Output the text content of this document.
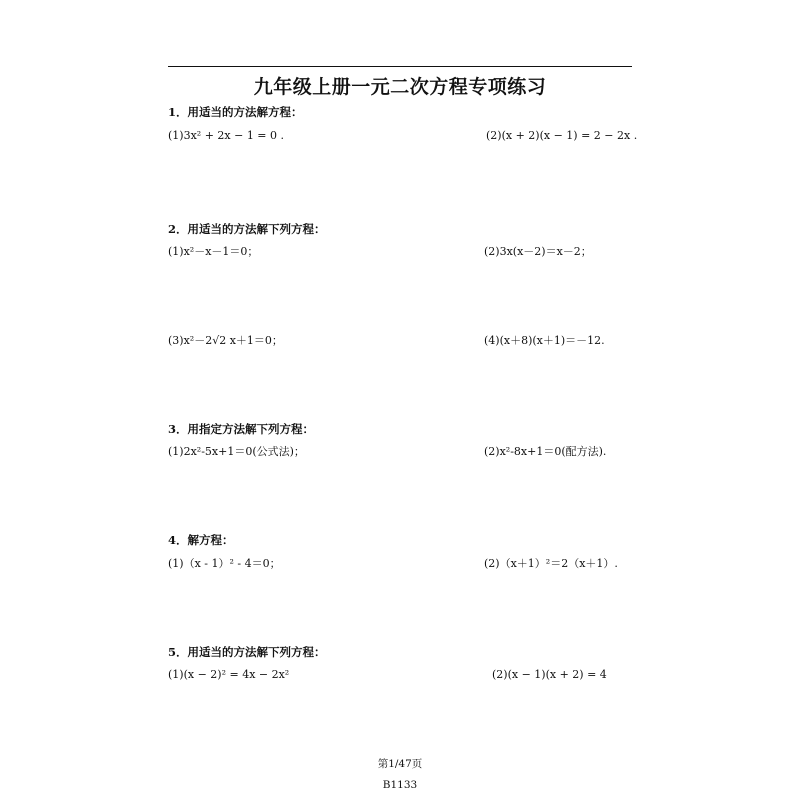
九年级上册一元二次方程专项练习
1．用适当的方法解方程：
(1)3x² + 2x − 1 = 0 .	(2)(x + 2)(x − 1) = 2 − 2x .
2．用适当的方法解下列方程：
(1)x²－x－1＝0；	(2)3x(x－2)＝x－2；
(3)x²－2√2 x＋1＝0；	(4)(x＋8)(x＋1)＝－12.
3．用指定方法解下列方程：
(1)2x²-5x+1＝0(公式法)；	(2)x²-8x+1＝0(配方法).
4．解方程：
(1)（x - 1）² - 4＝0；	(2)（x＋1）²＝2（x＋1）.
5．用适当的方法解下列方程：
(1)(x − 2)² = 4x − 2x²	(2)(x − 1)(x + 2) = 4
第1/47页
B1133
